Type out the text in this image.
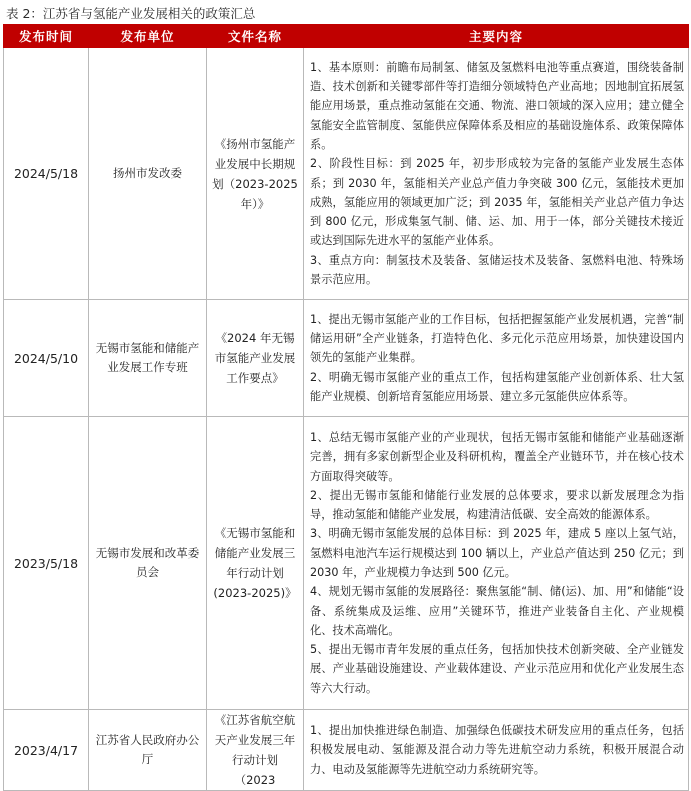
表 2：江苏省与氢能产业发展相关的政策汇总
发布时间	发布单位	文件名称	主要内容
2024/5/18	扬州市发改委	《扬州市氢能产业发展中长期规划（2023-2025年）》	1、基本原则：前瞻布局制氢、储氢及氢燃料电池等重点赛道，围绕装备制造、技术创新和关键零部件等打造细分领域特色产业高地；因地制宜拓展氢能应用场景，重点推动氢能在交通、物流、港口领域的深入应用；建立健全氢能安全监管制度、氢能供应保障体系及相应的基础设施体系、政策保障体系。
2、阶段性目标：到 2025 年，初步形成较为完备的氢能产业发展生态体系；到 2030 年，氢能相关产业总产值力争突破 300 亿元，氢能技术更加成熟，氢能应用的领域更加广泛；到 2035 年，氢能相关产业总产值力争达到 800 亿元，形成集氢气制、储、运、加、用于一体，部分关键技术接近或达到国际先进水平的氢能产业体系。
3、重点方向：制氢技术及装备、氢储运技术及装备、氢燃料电池、特殊场景示范应用。

2024/5/10	无锡市氢能和储能产业发展工作专班	《2024 年无锡市氢能产业发展工作要点》	1、提出无锡市氢能产业的工作目标，包括把握氢能产业发展机遇，完善“制储运用研”全产业链条，打造特色化、多元化示范应用场景，加快建设国内领先的氢能产业集群。
2、明确无锡市氢能产业的重点工作，包括构建氢能产业创新体系、壮大氢能产业规模、创新培育氢能应用场景、建立多元氢能供应体系等。

2023/5/18	无锡市发展和改革委员会	《无锡市氢能和储能产业发展三年行动计划(2023-2025)》	1、总结无锡市氢能产业的产业现状，包括无锡市氢能和储能产业基础逐渐完善，拥有多家创新型企业及科研机构，覆盖全产业链环节，并在核心技术方面取得突破等。
2、提出无锡市氢能和储能行业发展的总体要求，要求以新发展理念为指导，推动氢能和储能产业发展，构建清洁低碳、安全高效的能源体系。
3、明确无锡市氢能发展的总体目标：到 2025 年，建成 5 座以上氢气站，氢燃料电池汽车运行规模达到 100 辆以上，产业总产值达到 250 亿元；到 2030 年，产业规模力争达到 500 亿元。
4、规划无锡市氢能的发展路径：聚焦氢能“制、储(运)、加、用”和储能“设备、系统集成及运维、应用”关键环节，推进产业装备自主化、产业规模化、技术高端化。
5、提出无锡市青年发展的重点任务，包括加快技术创新突破、全产业链发展、产业基础设施建设、产业载体建设、产业示范应用和优化产业发展生态等六大行动。

2023/4/17	江苏省人民政府办公厅	《江苏省航空航天产业发展三年行动计划（2023	1、提出加快推进绿色制造、加强绿色低碳技术研发应用的重点任务，包括积极发展电动、氢能源及混合动力等先进航空动力系统，积极开展混合动力、电动及氢能源等先进航空动力系统研究等。
